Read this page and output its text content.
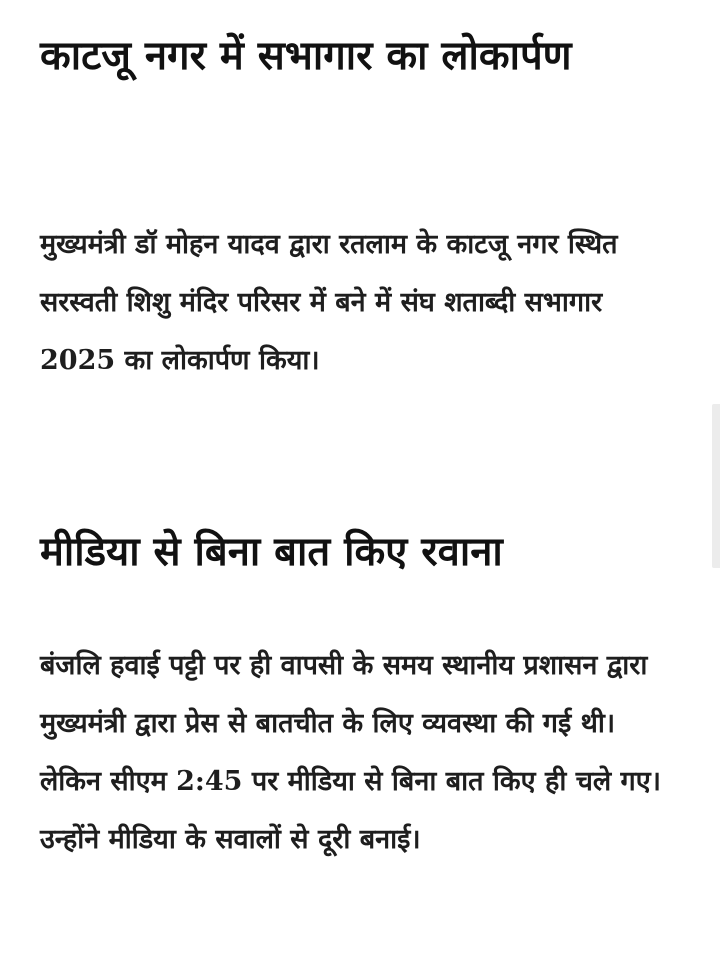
काटजू नगर में सभागार का लोकार्पण

मुख्यमंत्री डॉ मोहन यादव द्वारा रतलाम के काटजू नगर स्थित सरस्वती शिशु मंदिर परिसर में बने में संघ शताब्दी सभागार 2025 का लोकार्पण किया।

मीडिया से बिना बात किए रवाना

बंजलि हवाई पट्टी पर ही वापसी के समय स्थानीय प्रशासन द्वारा मुख्यमंत्री द्वारा प्रेस से बातचीत के लिए व्यवस्था की गई थी। लेकिन सीएम 2:45 पर मीडिया से बिना बात किए ही चले गए। उन्होंने मीडिया के सवालों से दूरी बनाई।
